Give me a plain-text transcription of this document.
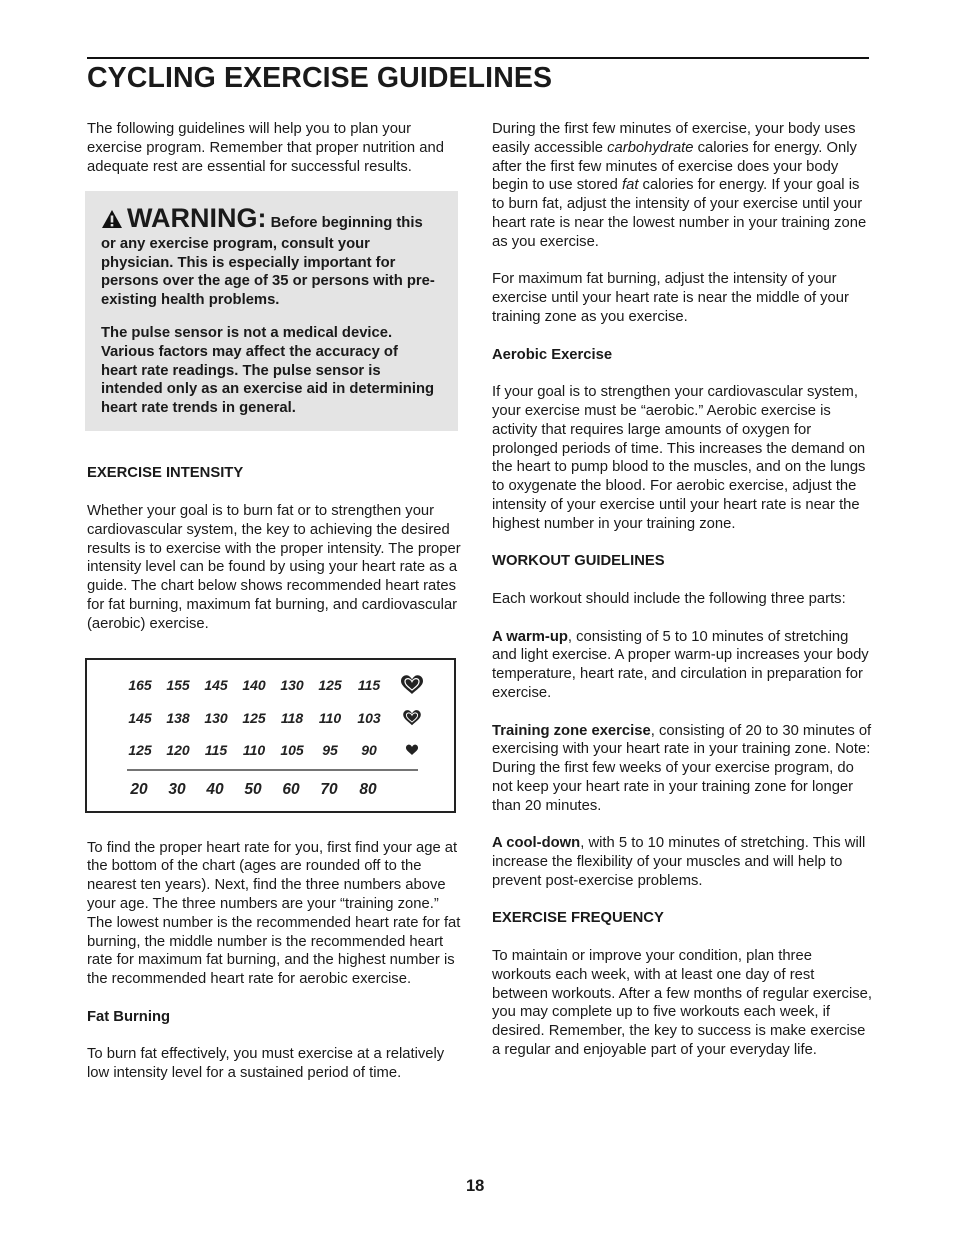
CYCLING EXERCISE GUIDELINES

The following guidelines will help you to plan your exercise program. Remember that proper nutrition and adequate rest are essential for successful results.

WARNING: Before beginning this or any exercise program, consult your physician. This is especially important for persons over the age of 35 or persons with pre-existing health problems.

The pulse sensor is not a medical device. Various factors may affect the accuracy of heart rate readings. The pulse sensor is intended only as an exercise aid in determining heart rate trends in general.

EXERCISE INTENSITY

Whether your goal is to burn fat or to strengthen your cardiovascular system, the key to achieving the desired results is to exercise with the proper intensity. The proper intensity level can be found by using your heart rate as a guide. The chart below shows recommended heart rates for fat burning, maximum fat burning, and cardiovascular (aerobic) exercise.

165 155 145 140 130 125 115
145 138 130 125 118 110 103
125 120 115 110 105 95 90
20 30 40 50 60 70 80

To find the proper heart rate for you, first find your age at the bottom of the chart (ages are rounded off to the nearest ten years). Next, find the three numbers above your age. The three numbers are your “training zone.” The lowest number is the recommended heart rate for fat burning, the middle number is the recommended heart rate for maximum fat burning, and the highest number is the recommended heart rate for aerobic exercise.

Fat Burning

To burn fat effectively, you must exercise at a relatively low intensity level for a sustained period of time.

During the first few minutes of exercise, your body uses easily accessible carbohydrate calories for energy. Only after the first few minutes of exercise does your body begin to use stored fat calories for energy. If your goal is to burn fat, adjust the intensity of your exercise until your heart rate is near the lowest number in your training zone as you exercise.

For maximum fat burning, adjust the intensity of your exercise until your heart rate is near the middle of your training zone as you exercise.

Aerobic Exercise

If your goal is to strengthen your cardiovascular system, your exercise must be “aerobic.” Aerobic exercise is activity that requires large amounts of oxygen for prolonged periods of time. This increases the demand on the heart to pump blood to the muscles, and on the lungs to oxygenate the blood. For aerobic exercise, adjust the intensity of your exercise until your heart rate is near the highest number in your training zone.

WORKOUT GUIDELINES

Each workout should include the following three parts:

A warm-up, consisting of 5 to 10 minutes of stretching and light exercise. A proper warm-up increases your body temperature, heart rate, and circulation in preparation for exercise.

Training zone exercise, consisting of 20 to 30 minutes of exercising with your heart rate in your training zone. Note: During the first few weeks of your exercise program, do not keep your heart rate in your training zone for longer than 20 minutes.

A cool-down, with 5 to 10 minutes of stretching. This will increase the flexibility of your muscles and will help to prevent post-exercise problems.

EXERCISE FREQUENCY

To maintain or improve your condition, plan three workouts each week, with at least one day of rest between workouts. After a few months of regular exercise, you may complete up to five workouts each week, if desired. Remember, the key to success is make exercise a regular and enjoyable part of your everyday life.

18
